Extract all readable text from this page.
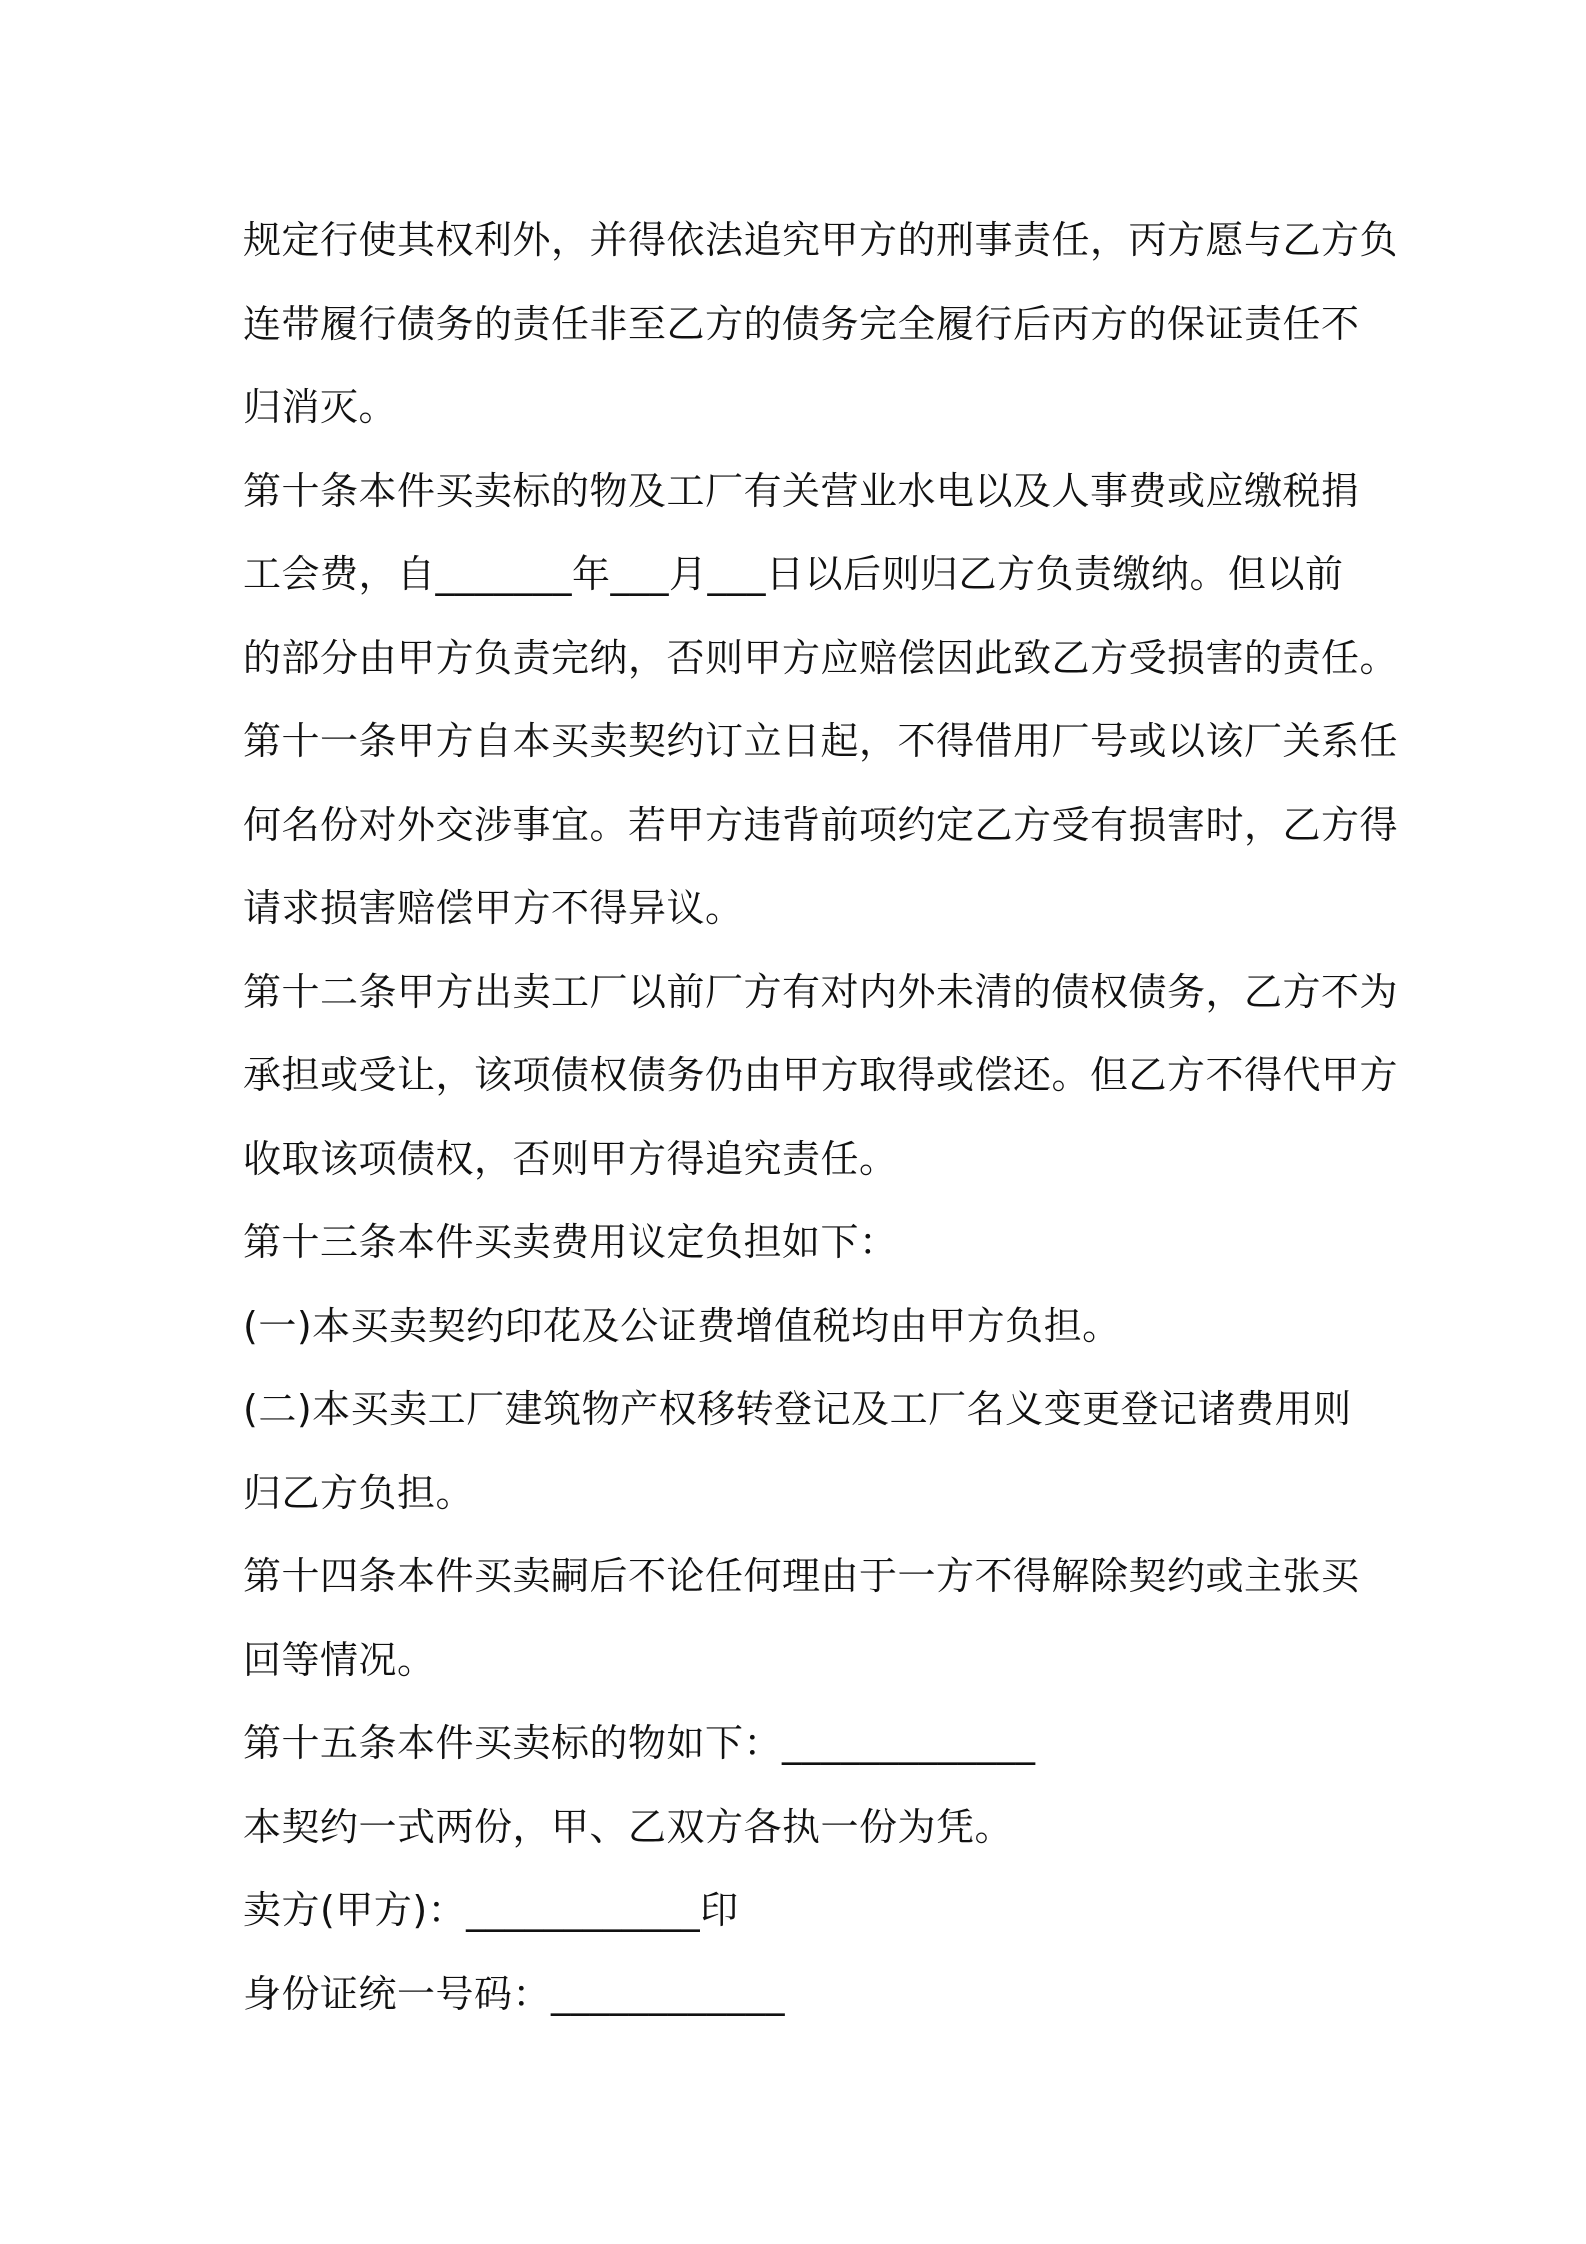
规定行使其权利外，并得依法追究甲方的刑事责任，丙方愿与乙方负
连带履行债务的责任非至乙方的债务完全履行后丙方的保证责任不
归消灭。
第十条本件买卖标的物及工厂有关营业水电以及人事费或应缴税捐
工会费，自_______年___月___日以后则归乙方负责缴纳。但以前
的部分由甲方负责完纳，否则甲方应赔偿因此致乙方受损害的责任。
第十一条甲方自本买卖契约订立日起，不得借用厂号或以该厂关系任
何名份对外交涉事宜。若甲方违背前项约定乙方受有损害时，乙方得
请求损害赔偿甲方不得异议。
第十二条甲方出卖工厂以前厂方有对内外未清的债权债务，乙方不为
承担或受让，该项债权债务仍由甲方取得或偿还。但乙方不得代甲方
收取该项债权，否则甲方得追究责任。
第十三条本件买卖费用议定负担如下：
(一)本买卖契约印花及公证费增值税均由甲方负担。
(二)本买卖工厂建筑物产权移转登记及工厂名义变更登记诸费用则
归乙方负担。
第十四条本件买卖嗣后不论任何理由于一方不得解除契约或主张买
回等情况。
第十五条本件买卖标的物如下：_____________
本契约一式两份，甲、乙双方各执一份为凭。
卖方(甲方)：____________印
身份证统一号码：____________
